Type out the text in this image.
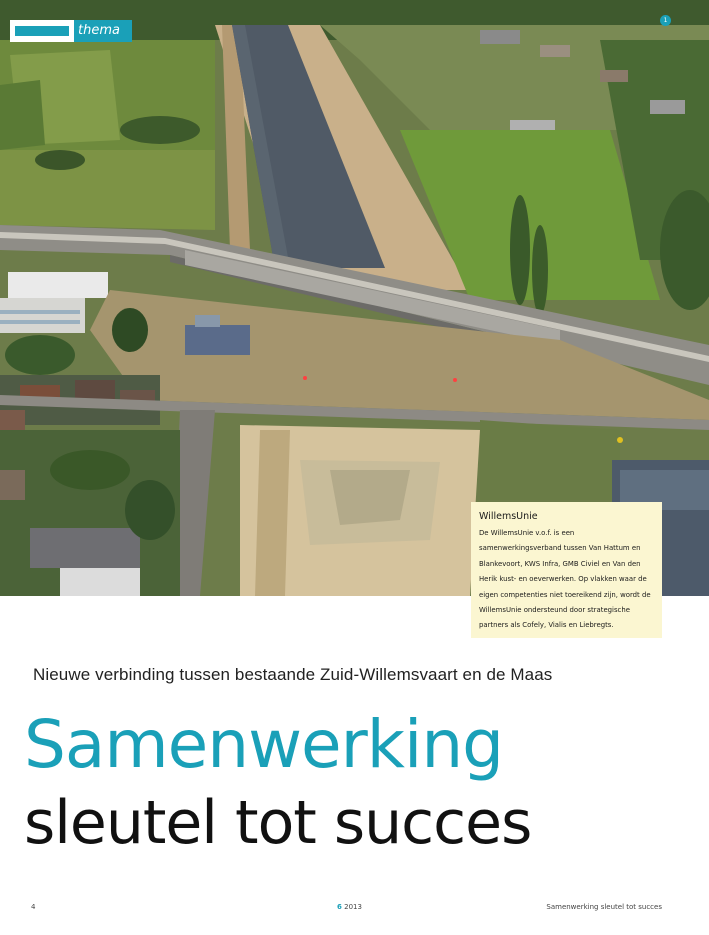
thema
1
WillemsUnie
De WillemsUnie v.o.f. is een samenwerkingsverband tussen Van Hattum en Blankevoort, KWS Infra, GMB Civiel en Van den Herik kust- en oeverwerken. Op vlakken waar de eigen competenties niet toereikend zijn, wordt de WillemsUnie ondersteund door strategische partners als Cofely, Vialis en Liebregts.
Nieuwe verbinding tussen bestaande Zuid-Willemsvaart en de Maas
Samenwerking
sleutel tot succes
4	6 2013	Samenwerking sleutel tot succes
